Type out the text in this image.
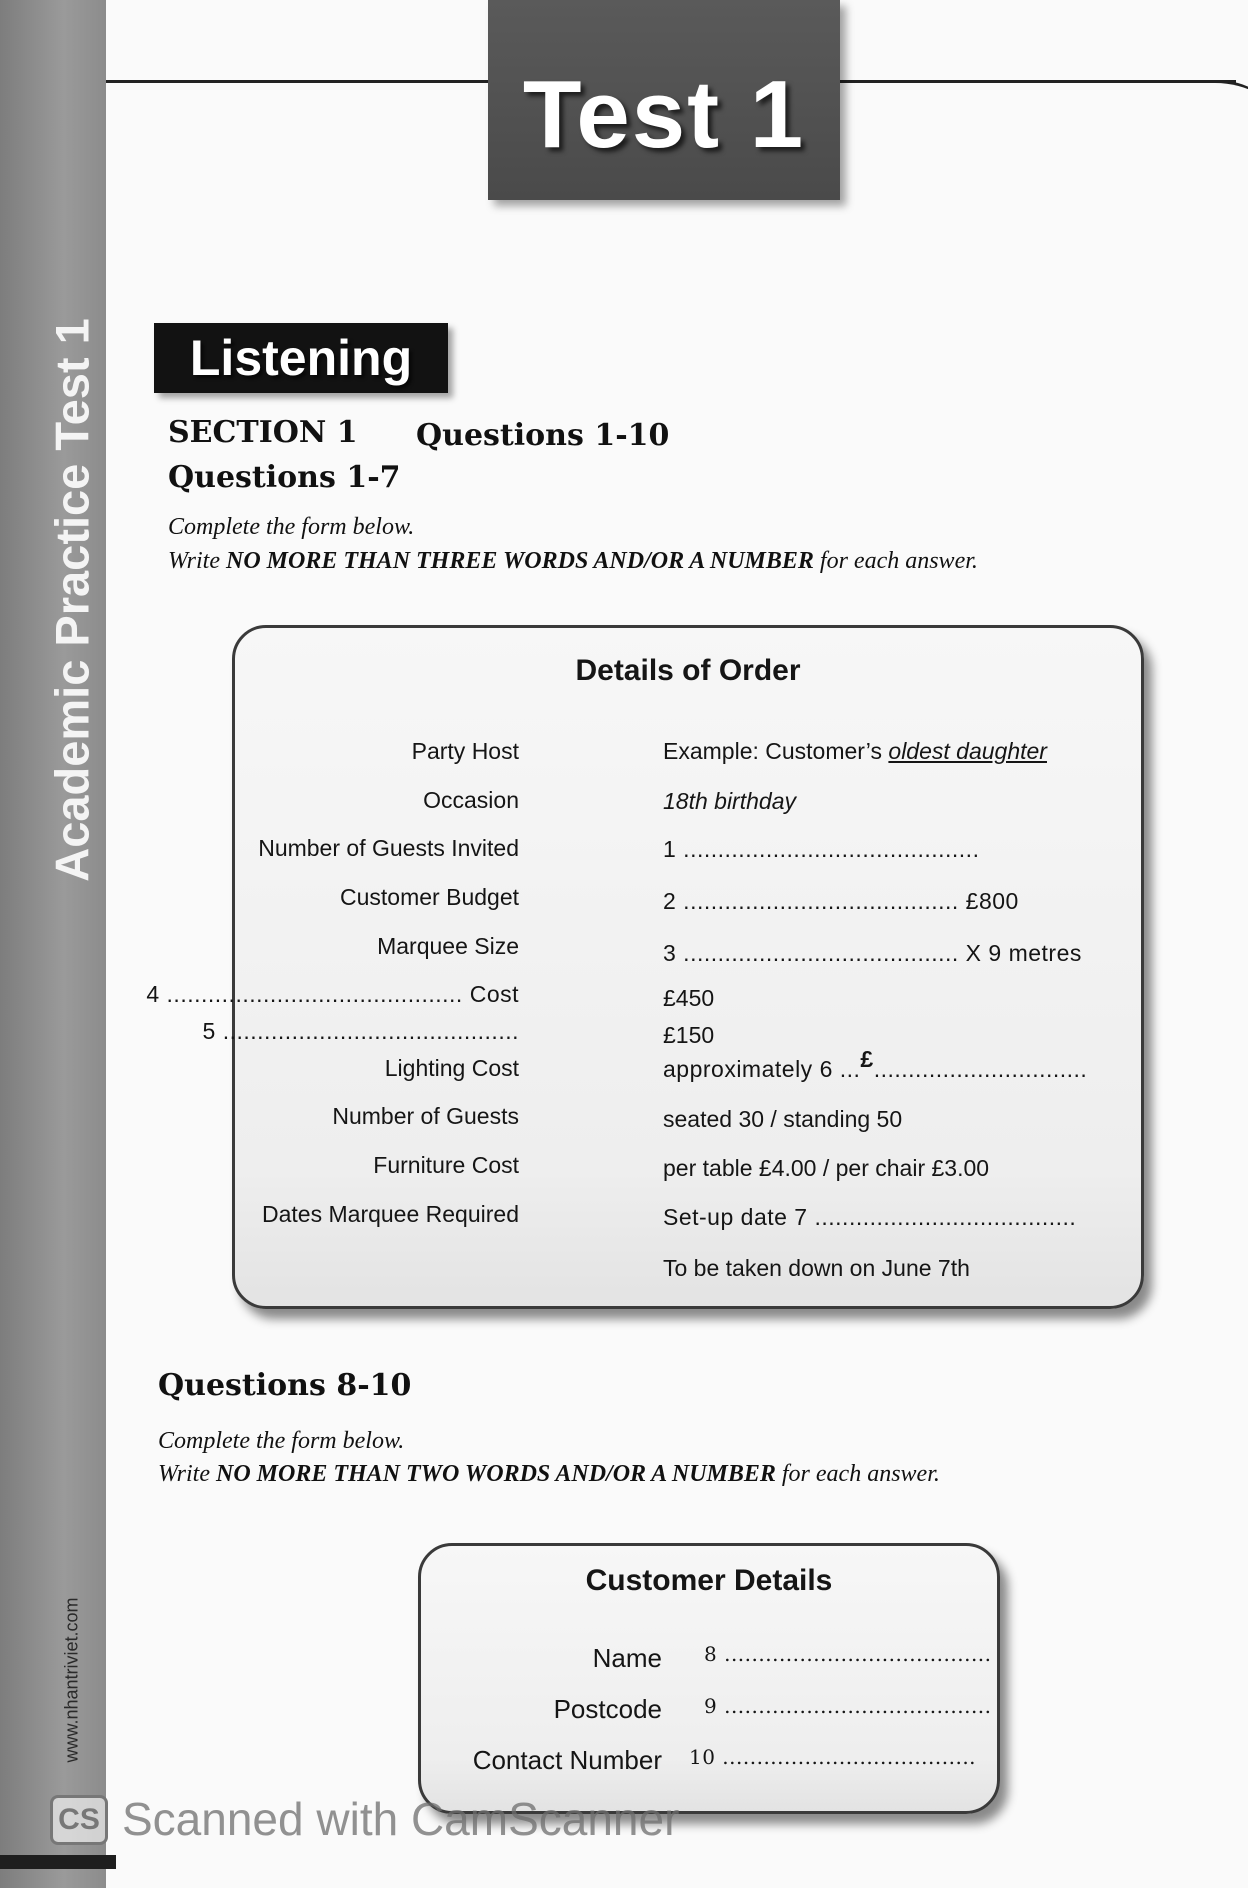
Academic Practice Test 1
www.nhantriviet.com
Test 1
Listening
SECTION 1 Questions 1-10
Questions 1-7
Complete the form below.
Write NO MORE THAN THREE WORDS AND/OR A NUMBER for each answer.
Details of Order
Party Host	Example: Customer’s oldest daughter
Occasion	18th birthday
Number of Guests Invited	1 ...........................................
Customer Budget	2 ........................................ £800
Marquee Size	3 ........................................ X 9 metres
4 ........................................... Cost	£450
5 ...........................................	£150
Lighting Cost	approximately 6 ...£...............................
Number of Guests	seated 30 / standing 50
Furniture Cost	per table £4.00 / per chair £3.00
Dates Marquee Required	Set-up date 7 ......................................
To be taken down on June 7th
Questions 8-10
Complete the form below.
Write NO MORE THAN TWO WORDS AND/OR A NUMBER for each answer.
Customer Details
Name 8 .......................................
Postcode 9 .......................................
Contact Number 10 .....................................
CS Scanned with CamScanner
